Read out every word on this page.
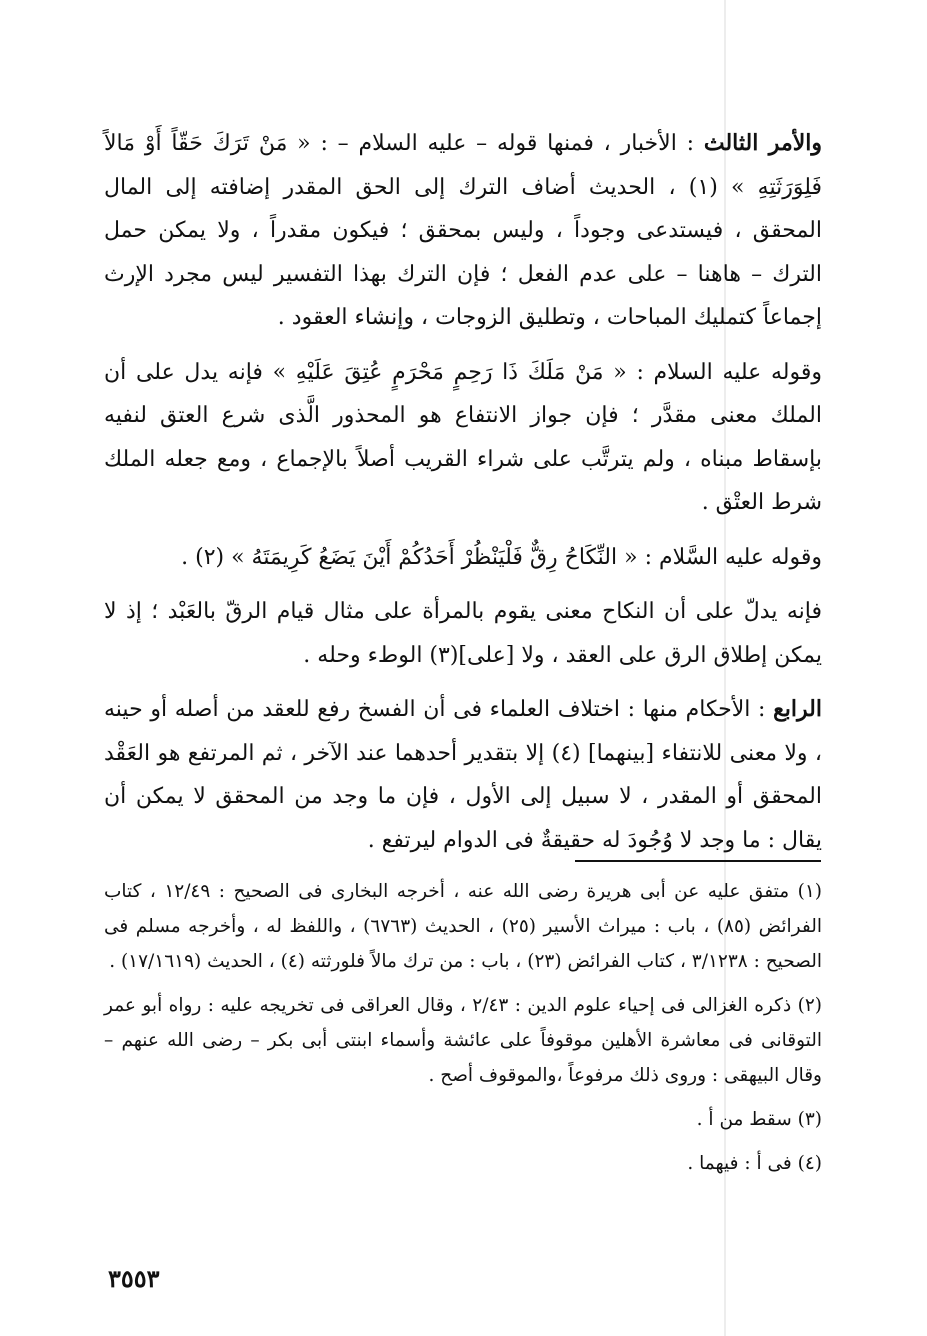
والأمر الثالث : الأخبار ، فمنها قوله – عليه السلام – : « مَنْ تَرَكَ حَقّاً أَوْ مَالاً فَلِوَرَثَتِهِ » (١) ، الحديث أضاف الترك إلى الحق المقدر إضافته إلى المال المحقق ، فيستدعى وجوداً ، وليس بمحقق ؛ فيكون مقدراً ، ولا يمكن حمل الترك – هاهنا – على عدم الفعل ؛ فإن الترك بهذا التفسير ليس مجرد الإرث إجماعاً كتمليك المباحات ، وتطليق الزوجات ، وإنشاء العقود .

وقوله عليه السلام : « مَنْ مَلَكَ ذَا رَحِمٍ مَحْرَمٍ عُتِقَ عَلَيْهِ » فإنه يدل على أن الملك معنى مقدَّر ؛ فإن جواز الانتفاع هو المحذور الَّذى شرع العتق لنفيه بإسقاط مبناه ، ولم يترتَّب على شراء القريب أصلاً بالإجماع ، ومع جعله الملك شرط العتْق .

وقوله عليه السَّلام : « النِّكَاحُ رِقٌّ فَلْيَنْظُرْ أَحَدُكُمْ أَيْنَ يَضَعُ كَرِيمَتَهُ » (٢) .

فإنه يدلّ على أن النكاح معنى يقوم بالمرأة على مثال قيام الرقّ بالعَبْد ؛ إذ لا يمكن إطلاق الرق على العقد ، ولا [على](٣) الوطء وحله .

الرابع : الأحكام منها : اختلاف العلماء فى أن الفسخ رفع للعقد من أصله أو حينه ، ولا معنى للانتفاء [بينهما] (٤) إلا بتقدير أحدهما عند الآخر ، ثم المرتفع هو العَقْد المحقق أو المقدر ، لا سبيل إلى الأول ، فإن ما وجد من المحقق لا يمكن أن يقال : ما وجد لا وُجُودَ له حقيقةٌ فى الدوام ليرتفع .

(١) متفق عليه عن أبى هريرة رضى الله عنه ، أخرجه البخارى فى الصحيح : ١٢/٤٩ ، كتاب الفرائض (٨٥) ، باب : ميراث الأسير (٢٥) ، الحديث (٦٧٦٣) ، واللفظ له ، وأخرجه مسلم فى الصحيح : ٣/١٢٣٨ ، كتاب الفرائض (٢٣) ، باب : من ترك مالاً فلورثته (٤) ، الحديث (١٧/١٦١٩) .

(٢) ذكره الغزالى فى إحياء علوم الدين : ٢/٤٣ ، وقال العراقى فى تخريجه عليه : رواه أبو عمر التوقانى فى معاشرة الأهلين موقوفاً على عائشة وأسماء ابنتى أبى بكر – رضى الله عنهم – وقال البيهقى : وروى ذلك مرفوعاً ،والموقوف أصح .

(٣) سقط من أ .

(٤) فى أ : فيهما .

٣٥٥٣
